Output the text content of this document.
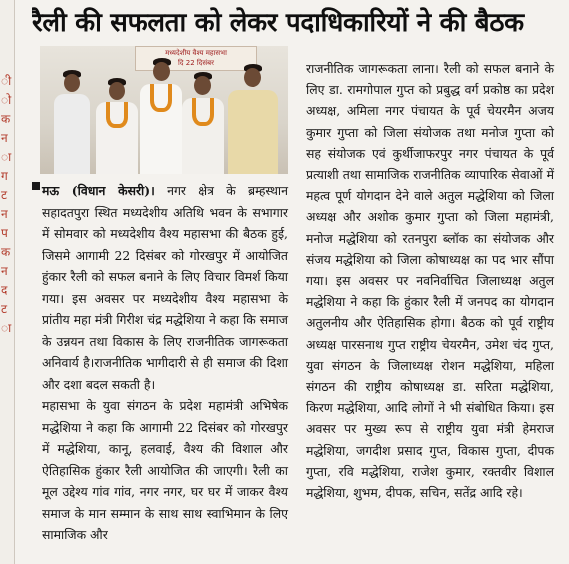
ी
ो
क
न
ा
ग
ट
न
प
क
न
द
ट
ा
रैली की सफलता को लेकर पदाधिकारियों ने की बैठक
मध्यदेशीय वैश्य महासभा
दि 22 दिसंबर

मऊ (विधान केसरी)। नगर क्षेत्र के ब्रम्हस्थान सहादतपुरा स्थित मध्यदेशीय अतिथि भवन के सभागार में सोमवार को मध्यदेशीय वैश्य महासभा की बैठक हुई, जिसमे आगामी 22 दिसंबर को गोरखपुर में आयोजित हुंकार रैली को सफल बनाने के लिए विचार विमर्श किया गया। इस अवसर पर मध्यदेशीय वैश्य महासभा के प्रांतीय महा मंत्री गिरीश चंद्र मद्धेशिया ने कहा कि समाज के उन्नयन तथा विकास के लिए राजनीतिक जागरूकता अनिवार्य है।राजनीतिक भागीदारी से ही समाज की दिशा और दशा बदल सकती है।

महासभा के युवा संगठन के प्रदेश महामंत्री अभिषेक मद्धेशिया ने कहा कि आगामी 22 दिसंबर को गोरखपुर में मद्धेशिया, कानू, हलवाई, वैश्य की विशाल और ऐतिहासिक हुंकार रैली आयोजित की जाएगी। रैली का मूल उद्देश्य गांव गांव, नगर नगर, घर घर में जाकर वैश्य समाज के मान सम्मान के साथ साथ स्वाभिमान के लिए सामाजिक और

राजनीतिक जागरूकता लाना। रैली को सफल बनाने के लिए डा. रामगोपाल गुप्त को प्रबुद्ध वर्ग प्रकोष्ठ का प्रदेश अध्यक्ष, अमिला नगर पंचायत के पूर्व चेयरमैन अजय कुमार गुप्ता को जिला संयोजक तथा मनोज गुप्ता को सह संयोजक एवं कुर्थीजाफरपुर नगर पंचायत के पूर्व प्रत्याशी तथा सामाजिक राजनीतिक व्यापारिक सेवाओं में महत्व पूर्ण योगदान देने वाले अतुल मद्धेशिया को जिला अध्यक्ष और अशोक कुमार गुप्ता को जिला महामंत्री, मनोज मद्धेशिया को रतनपुरा ब्लॉक का संयोजक और संजय मद्धेशिया को जिला कोषाध्यक्ष का पद भार सौंपा गया। इस अवसर पर नवनिर्वाचित जिलाध्यक्ष अतुल मद्धेशिया ने कहा कि हुंकार रैली में जनपद का योगदान अतुलनीय और ऐतिहासिक होगा। बैठक को पूर्व राष्ट्रीय अध्यक्ष पारसनाथ गुप्त राष्ट्रीय चेयरमैन, उमेश चंद गुप्त, युवा संगठन के जिलाध्यक्ष रोशन मद्धेशिया, महिला संगठन की राष्ट्रीय कोषाध्यक्ष डा. सरिता मद्धेशिया, किरण मद्धेशिया, आदि लोगों ने भी संबोधित किया। इस अवसर पर मुख्य रूप से राष्ट्रीय युवा मंत्री हेमराज मद्धेशिया, जगदीश प्रसाद गुप्त, विकास गुप्ता, दीपक गुप्ता, रवि मद्धेशिया, राजेश कुमार, रक्तवीर विशाल मद्धेशिया, शुभम, दीपक, सचिन, सतेंद्र आदि रहे।
